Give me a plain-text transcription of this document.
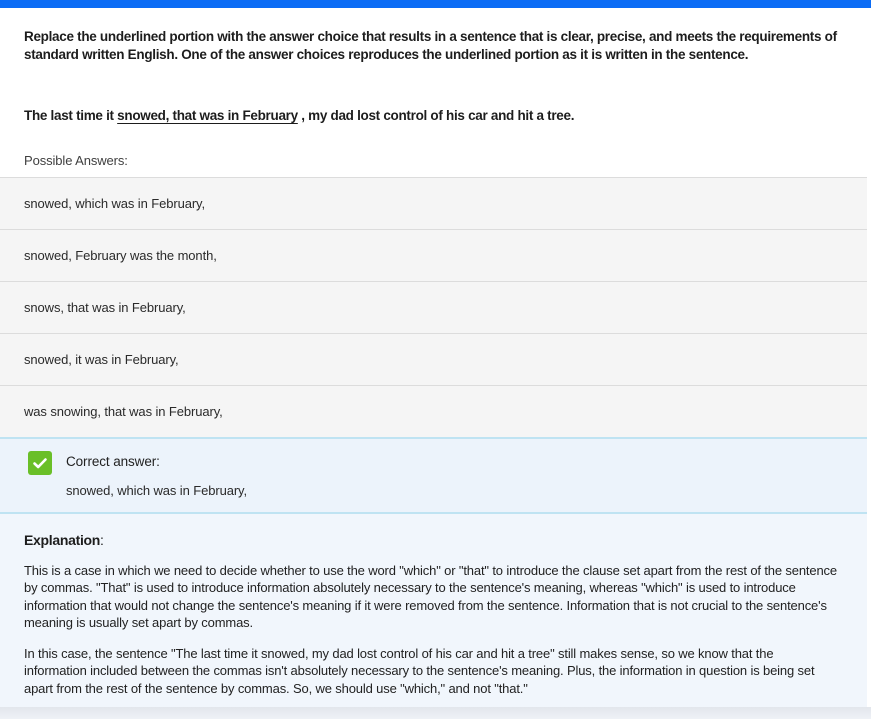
Replace the underlined portion with the answer choice that results in a sentence that is clear, precise, and meets the requirements of standard written English. One of the answer choices reproduces the underlined portion as it is written in the sentence.
The last time it snowed, that was in February , my dad lost control of his car and hit a tree.
Possible Answers:
snowed, which was in February,
snowed, February was the month,
snows, that was in February,
snowed, it was in February,
was snowing, that was in February,
Correct answer:
snowed, which was in February,
Explanation:

This is a case in which we need to decide whether to use the word "which" or "that" to introduce the clause set apart from the rest of the sentence by commas. "That" is used to introduce information absolutely necessary to the sentence's meaning, whereas "which" is used to introduce information that would not change the sentence's meaning if it were removed from the sentence. Information that is not crucial to the sentence's meaning is usually set apart by commas.

In this case, the sentence "The last time it snowed, my dad lost control of his car and hit a tree" still makes sense, so we know that the information included between the commas isn't absolutely necessary to the sentence's meaning. Plus, the information in question is being set apart from the rest of the sentence by commas. So, we should use "which," and not "that."
